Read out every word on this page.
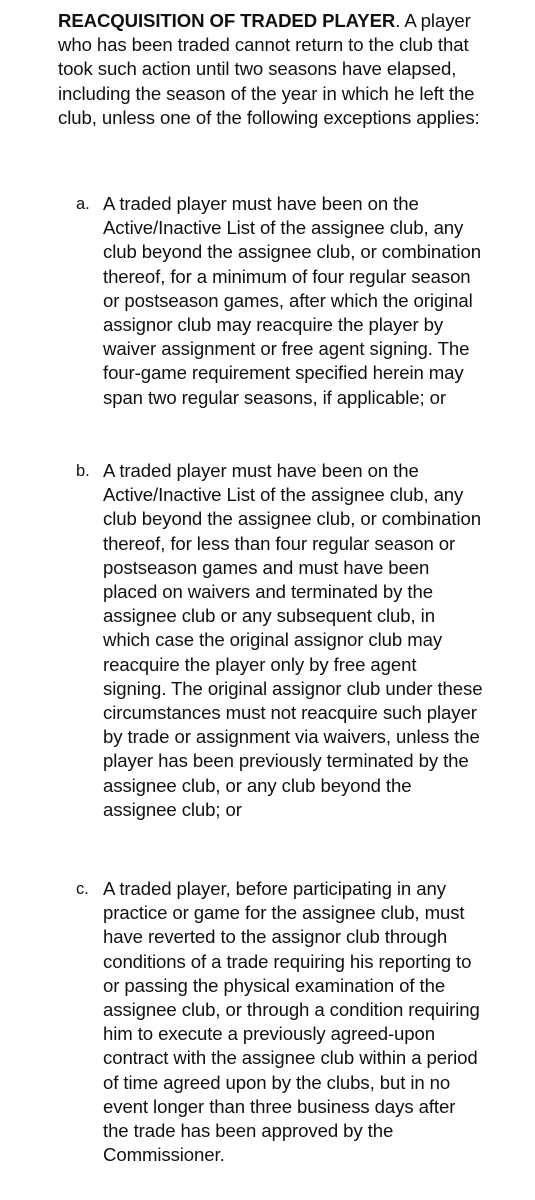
REACQUISITION OF TRADED PLAYER. A player who has been traded cannot return to the club that took such action until two seasons have elapsed, including the season of the year in which he left the club, unless one of the following exceptions applies:

a. A traded player must have been on the Active/Inactive List of the assignee club, any club beyond the assignee club, or combination thereof, for a minimum of four regular season or postseason games, after which the original assignor club may reacquire the player by waiver assignment or free agent signing. The four-game requirement specified herein may span two regular seasons, if applicable; or
b. A traded player must have been on the Active/Inactive List of the assignee club, any club beyond the assignee club, or combination thereof, for less than four regular season or postseason games and must have been placed on waivers and terminated by the assignee club or any subsequent club, in which case the original assignor club may reacquire the player only by free agent signing. The original assignor club under these circumstances must not reacquire such player by trade or assignment via waivers, unless the player has been previously terminated by the assignee club, or any club beyond the assignee club; or
c. A traded player, before participating in any practice or game for the assignee club, must have reverted to the assignor club through conditions of a trade requiring his reporting to or passing the physical examination of the assignee club, or through a condition requiring him to execute a previously agreed-upon contract with the assignee club within a period of time agreed upon by the clubs, but in no event longer than three business days after the trade has been approved by the Commissioner.
